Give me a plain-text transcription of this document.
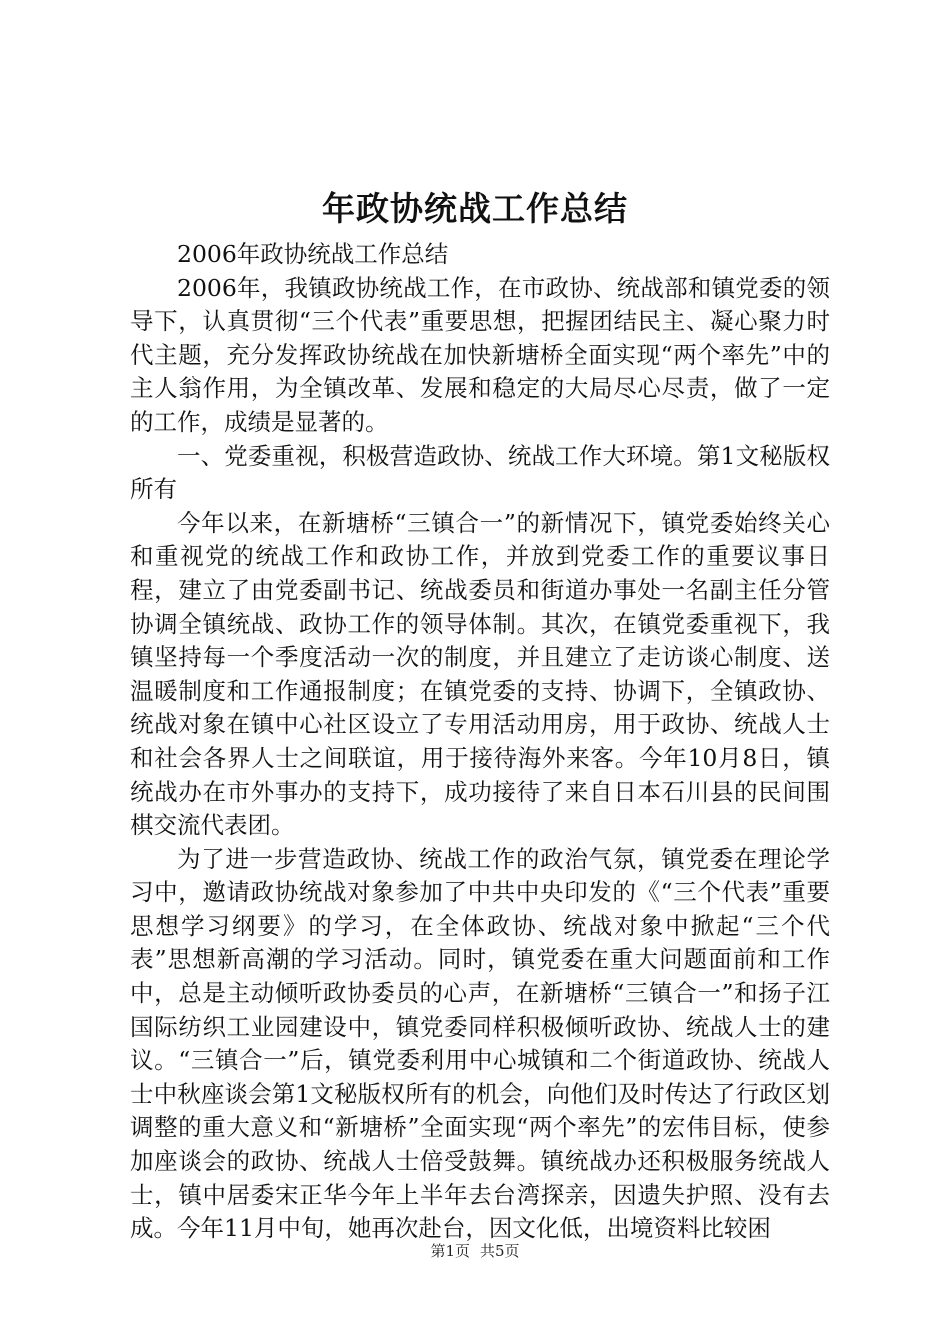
年政协统战工作总结

2006年政协统战工作总结

2006年，我镇政协统战工作，在市政协、统战部和镇党委的领导下，认真贯彻“三个代表”重要思想，把握团结民主、凝心聚力时代主题，充分发挥政协统战在加快新塘桥全面实现“两个率先”中的主人翁作用，为全镇改革、发展和稳定的大局尽心尽责，做了一定的工作，成绩是显著的。

一、党委重视，积极营造政协、统战工作大环境。第1文秘版权所有

今年以来，在新塘桥“三镇合一”的新情况下，镇党委始终关心和重视党的统战工作和政协工作，并放到党委工作的重要议事日程，建立了由党委副书记、统战委员和街道办事处一名副主任分管协调全镇统战、政协工作的领导体制。其次，在镇党委重视下，我镇坚持每一个季度活动一次的制度，并且建立了走访谈心制度、送温暖制度和工作通报制度；在镇党委的支持、协调下，全镇政协、统战对象在镇中心社区设立了专用活动用房，用于政协、统战人士和社会各界人士之间联谊，用于接待海外来客。今年10月8日，镇统战办在市外事办的支持下，成功接待了来自日本石川县的民间围棋交流代表团。

为了进一步营造政协、统战工作的政治气氛，镇党委在理论学习中，邀请政协统战对象参加了中共中央印发的《“三个代表”重要思想学习纲要》的学习，在全体政协、统战对象中掀起“三个代表”思想新高潮的学习活动。同时，镇党委在重大问题面前和工作中，总是主动倾听政协委员的心声，在新塘桥“三镇合一”和扬子江国际纺织工业园建设中，镇党委同样积极倾听政协、统战人士的建议。“三镇合一”后，镇党委利用中心城镇和二个街道政协、统战人士中秋座谈会第1文秘版权所有的机会，向他们及时传达了行政区划调整的重大意义和“新塘桥”全面实现“两个率先”的宏伟目标，使参加座谈会的政协、统战人士倍受鼓舞。镇统战办还积极服务统战人士，镇中居委宋正华今年上半年去台湾探亲，因遗失护照、没有去成。今年11月中旬，她再次赴台，因文化低，出境资料比较困

第1页 共5页
